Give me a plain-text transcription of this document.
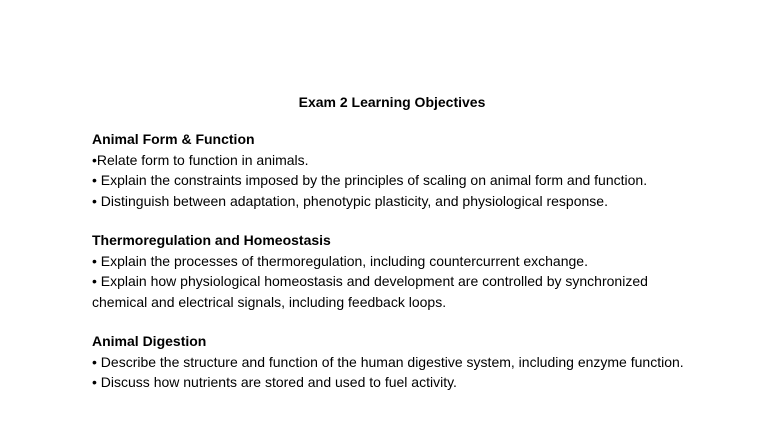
Exam 2 Learning Objectives

Animal Form & Function

•Relate form to function in animals.

• Explain the constraints imposed by the principles of scaling on animal form and function.

• Distinguish between adaptation, phenotypic plasticity, and physiological response.

Thermoregulation and Homeostasis

• Explain the processes of thermoregulation, including countercurrent exchange.

• Explain how physiological homeostasis and development are controlled by synchronized chemical and electrical signals, including feedback loops.

Animal Digestion

• Describe the structure and function of the human digestive system, including enzyme function.

• Discuss how nutrients are stored and used to fuel activity.
